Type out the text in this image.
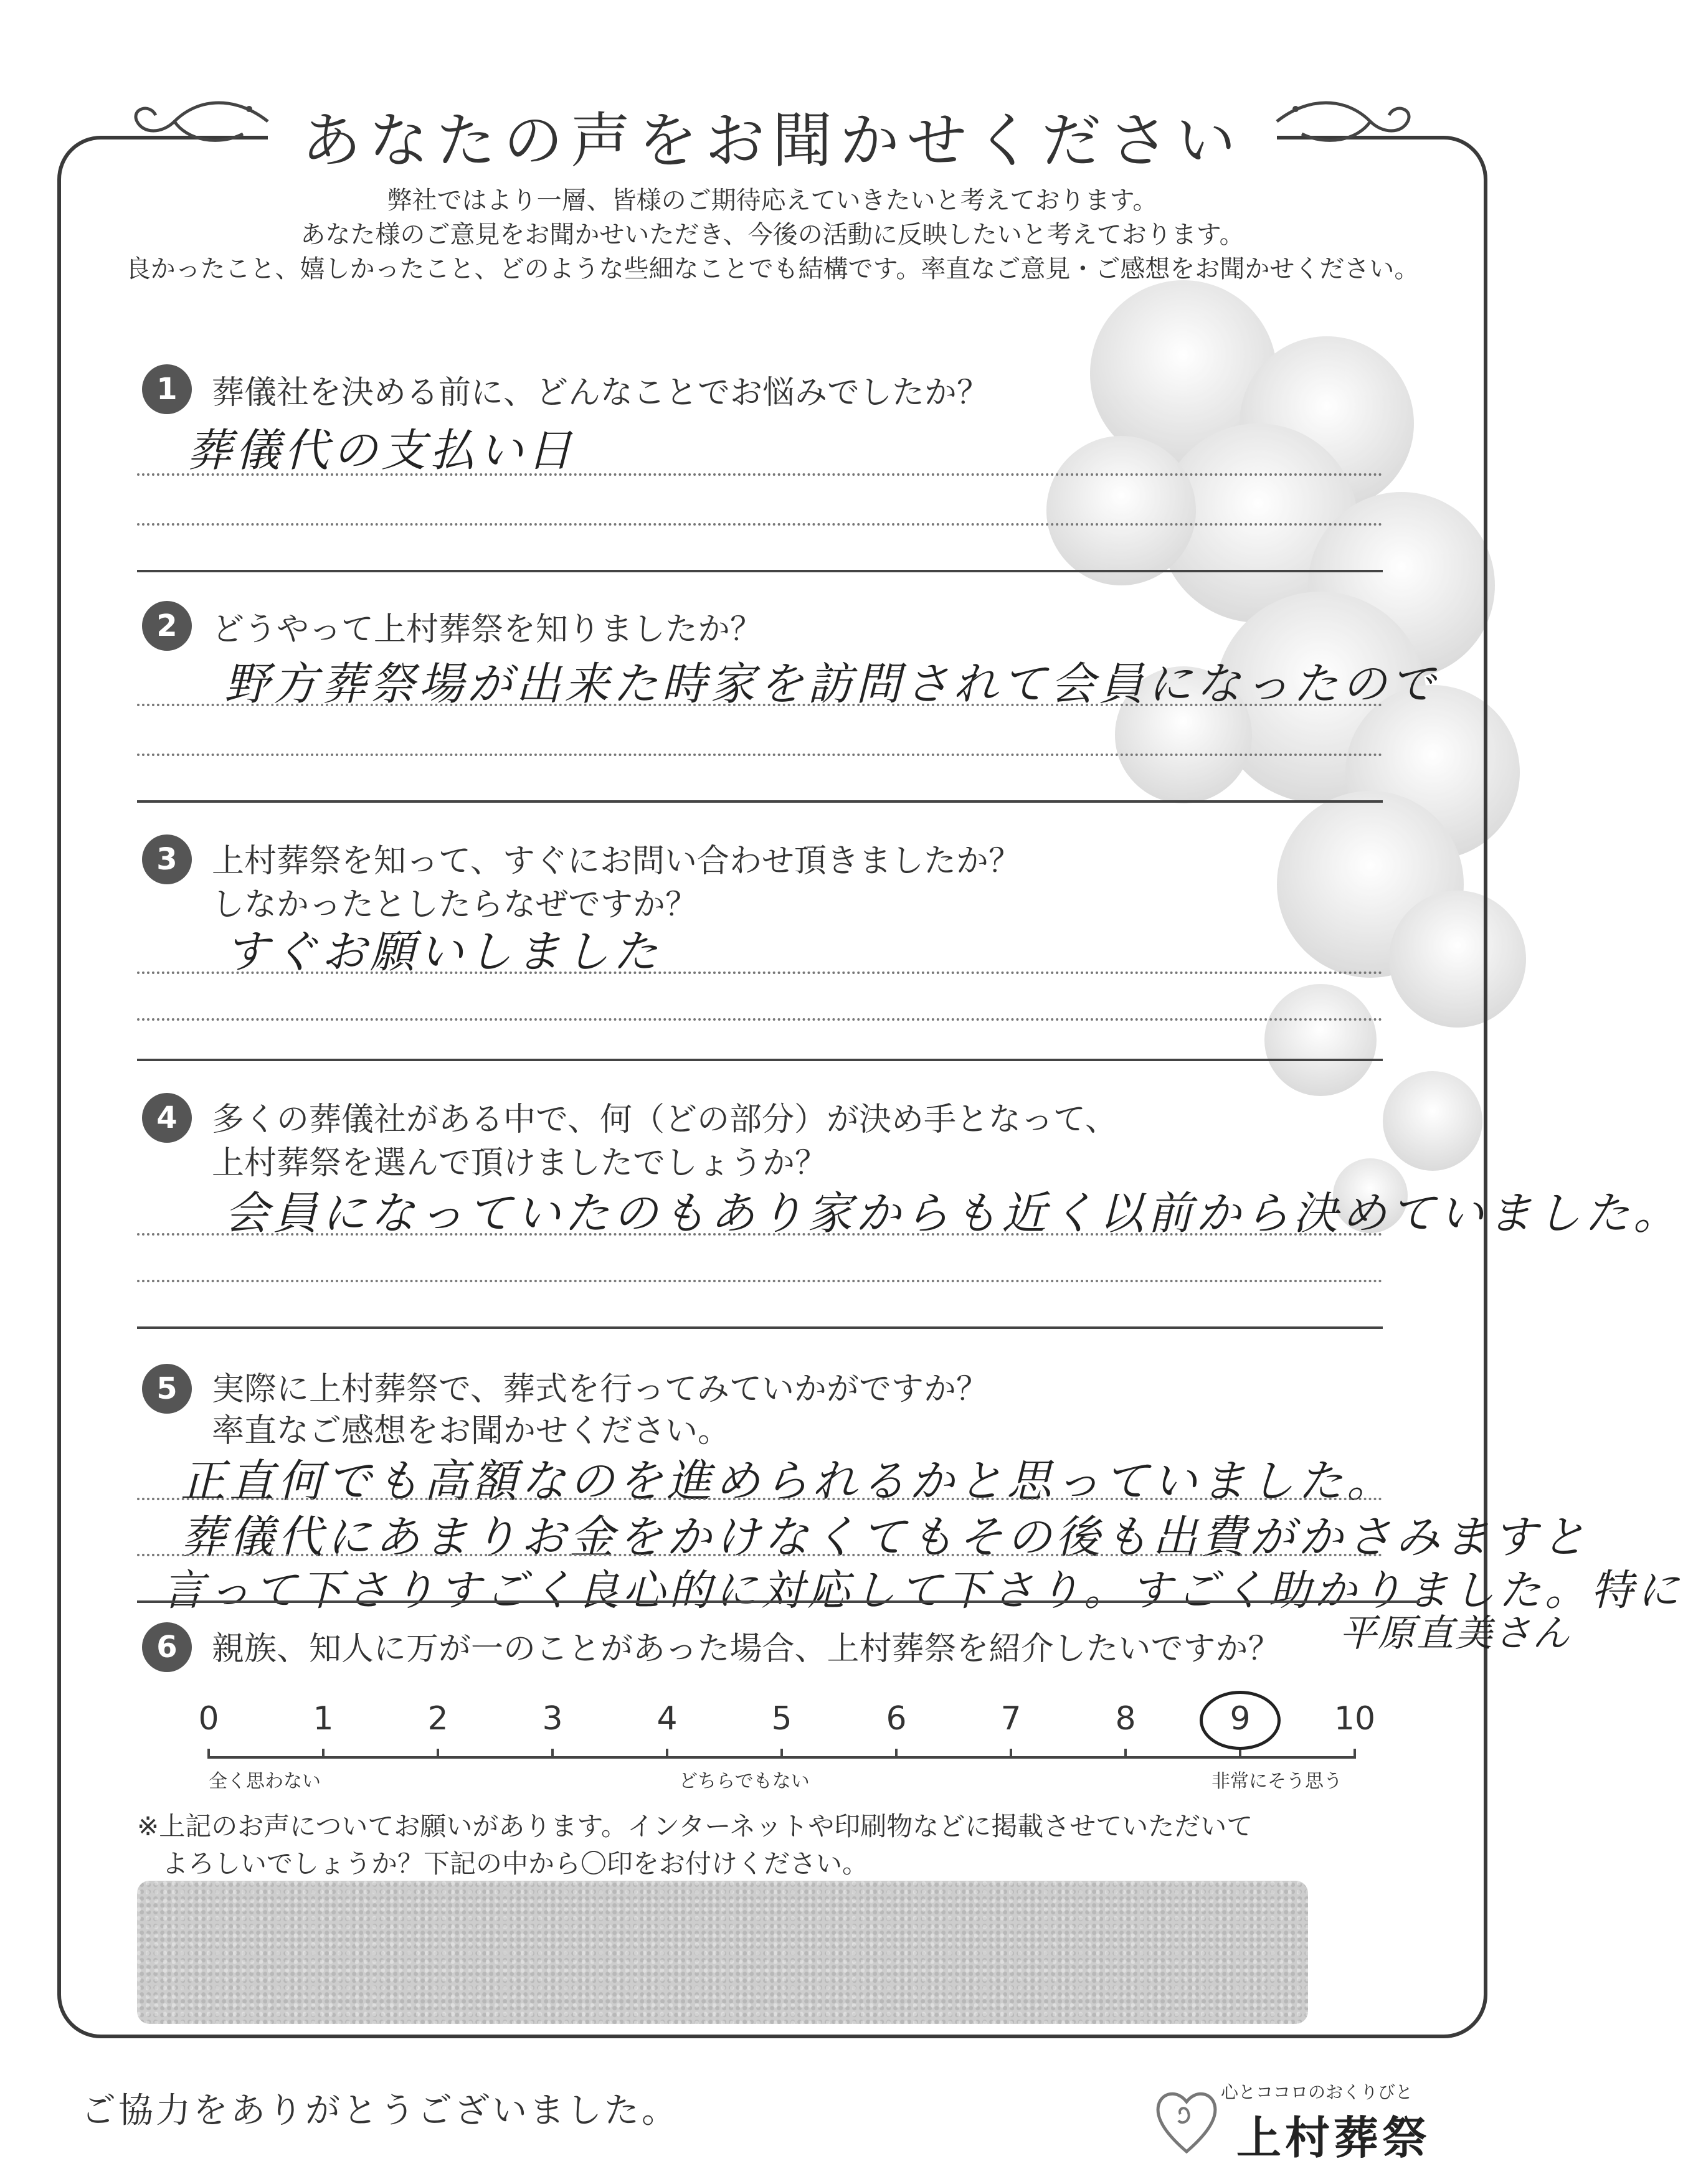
あなたの声をお聞かせください
弊社ではより一層、皆様のご期待応えていきたいと考えております。
あなた様のご意見をお聞かせいただき、今後の活動に反映したいと考えております。
良かったこと、嬉しかったこと、どのような些細なことでも結構です。率直なご意見・ご感想をお聞かせください。
1	葬儀社を決める前に、どんなことでお悩みでしたか？
葬儀代の支払い日
2	どうやって上村葬祭を知りましたか？
野方葬祭場が出来た時家を訪問されて会員になったので
3	上村葬祭を知って、すぐにお問い合わせ頂きましたか？
しなかったとしたらなぜですか？
すぐお願いしました
4	多くの葬儀社がある中で、何（どの部分）が決め手となって、
上村葬祭を選んで頂けましたでしょうか？
会員になっていたのもあり家からも近く以前から決めていました。
5	実際に上村葬祭で、葬式を行ってみていかがですか？
率直なご感想をお聞かせください。
正直何でも高額なのを進められるかと思っていました。
葬儀代にあまりお金をかけなくてもその後も出費がかさみますと
言って下さりすごく良心的に対応して下さり。すごく助かりました。特に
6	親族、知人に万が一のことがあった場合、上村葬祭を紹介したいですか？ 平原直美さん
0	1	2	3	4	5	6	7	8	9	10
全く思わない	どちらでもない	非常にそう思う
※上記のお声についてお願いがあります。インターネットや印刷物などに掲載させていただいて
よろしいでしょうか？下記の中から〇印をお付けください。
ご協力をありがとうございました。	心とココロのおくりびと
上村葬祭
